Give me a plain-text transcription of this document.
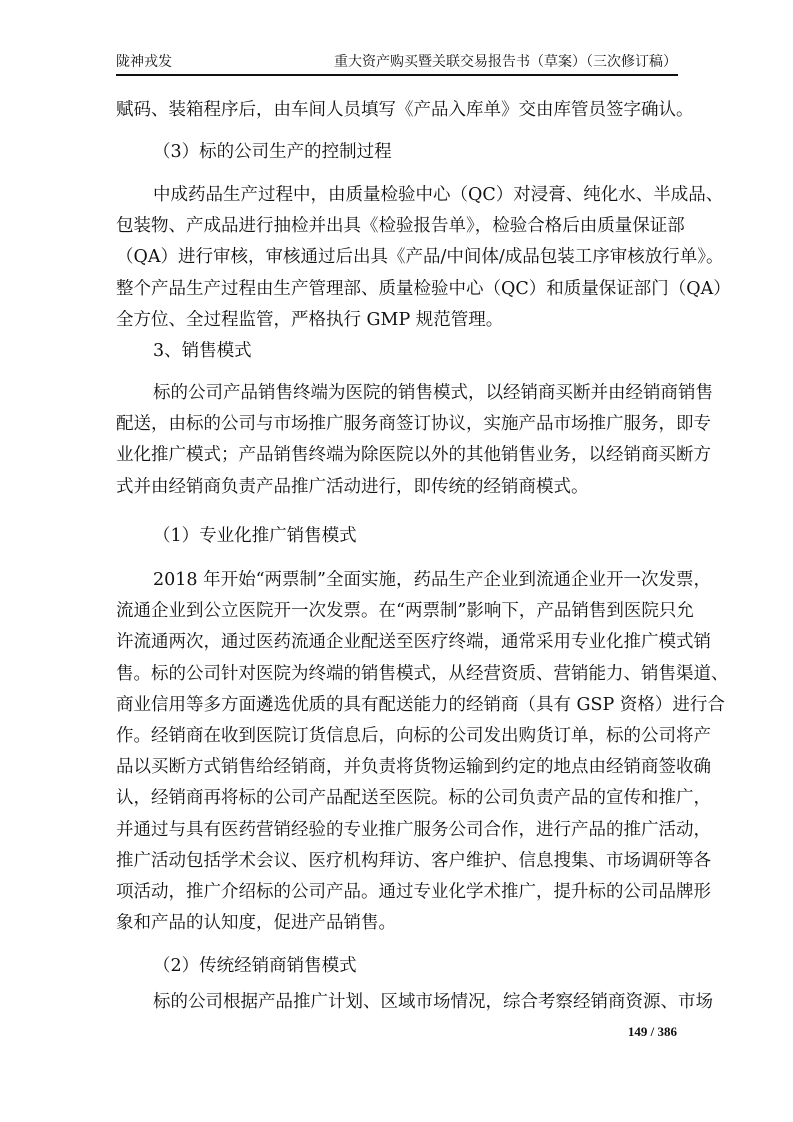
陇神戎发	重大资产购买暨关联交易报告书（草案）（三次修订稿）
赋码、装箱程序后，由车间人员填写《产品入库单》交由库管员签字确认。
（3）标的公司生产的控制过程
中成药品生产过程中，由质量检验中心（QC）对浸膏、纯化水、半成品、
包装物、产成品进行抽检并出具《检验报告单》，检验合格后由质量保证部
（QA）进行审核，审核通过后出具《产品/中间体/成品包装工序审核放行单》。
整个产品生产过程由生产管理部、质量检验中心（QC）和质量保证部门（QA）
全方位、全过程监管，严格执行 GMP 规范管理。
3、销售模式
标的公司产品销售终端为医院的销售模式，以经销商买断并由经销商销售
配送，由标的公司与市场推广服务商签订协议，实施产品市场推广服务，即专
业化推广模式；产品销售终端为除医院以外的其他销售业务，以经销商买断方
式并由经销商负责产品推广活动进行，即传统的经销商模式。
（1）专业化推广销售模式
2018 年开始“两票制”全面实施，药品生产企业到流通企业开一次发票，
流通企业到公立医院开一次发票。在“两票制”影响下，产品销售到医院只允
许流通两次，通过医药流通企业配送至医疗终端，通常采用专业化推广模式销
售。标的公司针对医院为终端的销售模式，从经营资质、营销能力、销售渠道、
商业信用等多方面遴选优质的具有配送能力的经销商（具有 GSP 资格）进行合
作。经销商在收到医院订货信息后，向标的公司发出购货订单，标的公司将产
品以买断方式销售给经销商，并负责将货物运输到约定的地点由经销商签收确
认，经销商再将标的公司产品配送至医院。标的公司负责产品的宣传和推广，
并通过与具有医药营销经验的专业推广服务公司合作，进行产品的推广活动，
推广活动包括学术会议、医疗机构拜访、客户维护、信息搜集、市场调研等各
项活动，推广介绍标的公司产品。通过专业化学术推广，提升标的公司品牌形
象和产品的认知度，促进产品销售。
（2）传统经销商销售模式
标的公司根据产品推广计划、区域市场情况，综合考察经销商资源、市场
149 / 386
